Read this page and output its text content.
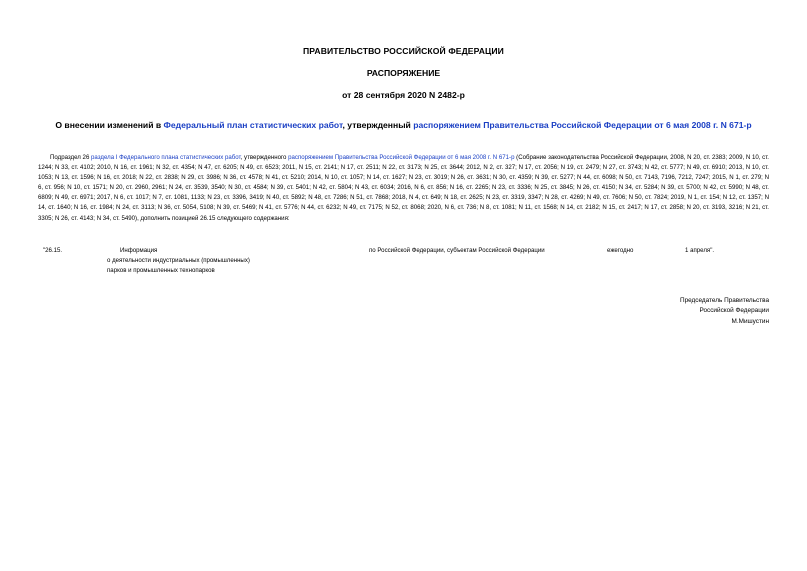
ПРАВИТЕЛЬСТВО РОССИЙСКОЙ ФЕДЕРАЦИИ
РАСПОРЯЖЕНИЕ
от 28 сентября 2020 N 2482-р
О внесении изменений в Федеральный план статистических работ, утвержденный распоряжением Правительства Российской Федерации от 6 мая 2008 г. N 671-р
Подраздел 26 раздела I Федерального плана статистических работ, утвержденного распоряжением Правительства Российской Федерации от 6 мая 2008 г. N 671-р (Собрание законодательства Российской Федерации, 2008, N 20, ст. 2383; 2009, N 10, ст. 1244; N 33, ст. 4102; 2010, N 16, ст. 1961; N 32, ст. 4354; N 47, ст. 6205; N 49, ст. 6523; 2011, N 15, ст. 2141; N 17, ст. 2511; N 22, ст. 3173; N 25, ст. 3644; 2012, N 2, ст. 327; N 17, ст. 2056; N 19, ст. 2479; N 27, ст. 3743; N 42, ст. 5777; N 49, ст. 6910; 2013, N 10, ст. 1053; N 13, ст. 1596; N 16, ст. 2018; N 22, ст. 2838; N 29, ст. 3986; N 36, ст. 4578; N 41, ст. 5210; 2014, N 10, ст. 1057; N 14, ст. 1627; N 23, ст. 3019; N 26, ст. 3631; N 30, ст. 4359; N 39, ст. 5277; N 44, ст. 6098; N 50, ст. 7143, 7196, 7212, 7247; 2015, N 1, ст. 279; N 6, ст. 956; N 10, ст. 1571; N 20, ст. 2960, 2961; N 24, ст. 3539, 3540; N 30, ст. 4584; N 39, ст. 5401; N 42, ст. 5804; N 43, ст. 6034; 2016, N 6, ст. 856; N 16, ст. 2265; N 23, ст. 3336; N 25, ст. 3845; N 26, ст. 4150; N 34, ст. 5284; N 39, ст. 5700; N 42, ст. 5990; N 48, ст. 6809; N 49, ст. 6971; 2017, N 6, ст. 1017; N 7, ст. 1081, 1133; N 23, ст. 3396, 3419; N 40, ст. 5892; N 48, ст. 7286; N 51, ст. 7868; 2018, N 4, ст. 649; N 18, ст. 2625; N 23, ст. 3319, 3347; N 28, ст. 4269; N 49, ст. 7606; N 50, ст. 7824; 2019, N 1, ст. 154; N 12, ст. 1357; N 14, ст. 1640; N 16, ст. 1984; N 24, ст. 3113; N 36, ст. 5054, 5108; N 39, ст. 5469; N 41, ст. 5776; N 44, ст. 6232; N 49, ст. 7175; N 52, ст. 8068; 2020, N 6, ст. 736; N 8, ст. 1081; N 11, ст. 1568; N 14, ст. 2182; N 15, ст. 2417; N 17, ст. 2858; N 20, ст. 3193, 3216; N 21, ст. 3305; N 26, ст. 4143; N 34, ст. 5490), дополнить позицией 26.15 следующего содержания:
"26.15.	Информация
о деятельности индустриальных (промышленных)
парков и промышленных технопарков
по Российской Федерации, субъектам Российской Федерации	ежегодно	1 апреля".
Председатель Правительства
Российской Федерации
М.Мишустин
